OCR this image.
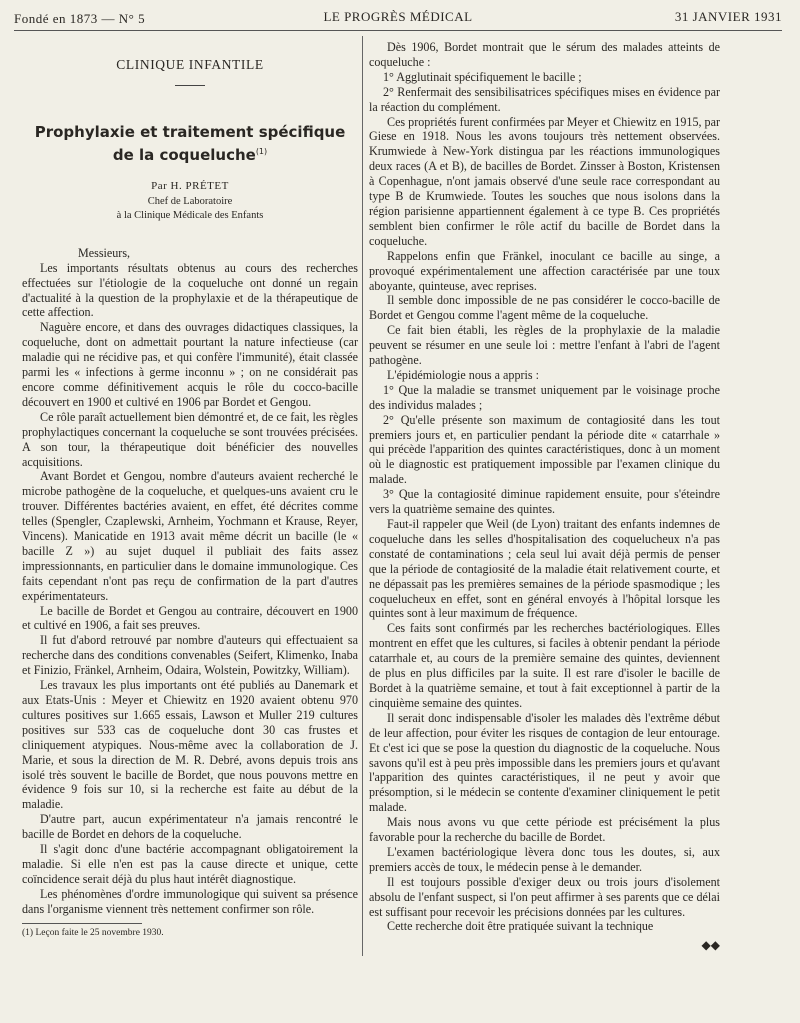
Fondé en 1873 — N° 5	LE PROGRÈS MÉDICAL	31 JANVIER 1931
CLINIQUE INFANTILE
Prophylaxie et traitement spécifique
de la coqueluche$^{(1)}$
Par H. PRÉTET
Chef de Laboratoire
à la Clinique Médicale des Enfants

Messieurs,

Les importants résultats obtenus au cours des recherches effectuées sur l'étiologie de la coqueluche ont donné un regain d'actualité à la question de la prophylaxie et de la thérapeutique de cette affection.

Naguère encore, et dans des ouvrages didactiques classiques, la coqueluche, dont on admettait pourtant la nature infectieuse (car maladie qui ne récidive pas, et qui confère l'immunité), était classée parmi les « infections à germe inconnu » ; on ne considérait pas encore comme définitivement acquis le rôle du cocco-bacille découvert en 1900 et cultivé en 1906 par Bordet et Gengou.

Ce rôle paraît actuellement bien démontré et, de ce fait, les règles prophylactiques concernant la coqueluche se sont trouvées précisées. A son tour, la thérapeutique doit bénéficier des nouvelles acquisitions.

Avant Bordet et Gengou, nombre d'auteurs avaient recherché le microbe pathogène de la coqueluche, et quelques-uns avaient cru le trouver. Différentes bactéries avaient, en effet, été décrites comme telles (Spengler, Czaplewski, Arnheim, Yochmann et Krause, Reyer, Vincens). Manicatide en 1913 avait même décrit un bacille (le « bacille Z ») au sujet duquel il publiait des faits assez impressionnants, en particulier dans le domaine immunologique. Ces faits cependant n'ont pas reçu de confirmation de la part d'autres expérimentateurs.

Le bacille de Bordet et Gengou au contraire, découvert en 1900 et cultivé en 1906, a fait ses preuves.

Il fut d'abord retrouvé par nombre d'auteurs qui effectuaient sa recherche dans des conditions convenables (Seifert, Klimenko, Inaba et Finizio, Fränkel, Arnheim, Odaira, Wolstein, Powitzky, William).

Les travaux les plus importants ont été publiés au Danemark et aux Etats-Unis : Meyer et Chiewitz en 1920 avaient obtenu 970 cultures positives sur 1.665 essais, Lawson et Muller 219 cultures positives sur 533 cas de coqueluche dont 30 cas frustes et cliniquement atypiques. Nous-même avec la collaboration de J. Marie, et sous la direction de M. R. Debré, avons depuis trois ans isolé très souvent le bacille de Bordet, que nous pouvons mettre en évidence 9 fois sur 10, si la recherche est faite au début de la maladie.

D'autre part, aucun expérimentateur n'a jamais rencontré le bacille de Bordet en dehors de la coqueluche.

Il s'agit donc d'une bactérie accompagnant obligatoirement la maladie. Si elle n'en est pas la cause directe et unique, cette coïncidence serait déjà du plus haut intérêt diagnostique.

Les phénomènes d'ordre immunologique qui suivent sa présence dans l'organisme viennent très nettement confirmer son rôle.

(1) Leçon faite le 25 novembre 1930.

Dès 1906, Bordet montrait que le sérum des malades atteints de coqueluche :

1° Agglutinait spécifiquement le bacille ;

2° Renfermait des sensibilisatrices spécifiques mises en évidence par la réaction du complément.

Ces propriétés furent confirmées par Meyer et Chiewitz en 1915, par Giese en 1918. Nous les avons toujours très nettement observées. Krumwiede à New-York distingua par les réactions immunologiques deux races (A et B), de bacilles de Bordet. Zinsser à Boston, Kristensen à Copenhague, n'ont jamais observé d'une seule race correspondant au type B de Krumwiede. Toutes les souches que nous isolons dans la région parisienne appartiennent également à ce type B. Ces propriétés semblent bien confirmer le rôle actif du bacille de Bordet dans la coqueluche.

Rappelons enfin que Fränkel, inoculant ce bacille au singe, a provoqué expérimentalement une affection caractérisée par une toux aboyante, quinteuse, avec reprises.

Il semble donc impossible de ne pas considérer le cocco-bacille de Bordet et Gengou comme l'agent même de la coqueluche.

Ce fait bien établi, les règles de la prophylaxie de la maladie peuvent se résumer en une seule loi : mettre l'enfant à l'abri de l'agent pathogène.

L'épidémiologie nous a appris :

1° Que la maladie se transmet uniquement par le voisinage proche des individus malades ;

2° Qu'elle présente son maximum de contagiosité dans les tout premiers jours et, en particulier pendant la période dite « catarrhale » qui précède l'apparition des quintes caractéristiques, donc à un moment où le diagnostic est pratiquement impossible par l'examen clinique du malade.

3° Que la contagiosité diminue rapidement ensuite, pour s'éteindre vers la quatrième semaine des quintes.

Faut-il rappeler que Weil (de Lyon) traitant des enfants indemnes de coqueluche dans les selles d'hospitalisation des coquelucheux n'a pas constaté de contaminations ; cela seul lui avait déjà permis de penser que la période de contagiosité de la maladie était relativement courte, et ne dépassait pas les premières semaines de la période spasmodique ; les coquelucheux en effet, sont en général envoyés à l'hôpital lorsque les quintes sont à leur maximum de fréquence.

Ces faits sont confirmés par les recherches bactériologiques. Elles montrent en effet que les cultures, si faciles à obtenir pendant la période catarrhale et, au cours de la première semaine des quintes, deviennent de plus en plus difficiles par la suite. Il est rare d'isoler le bacille de Bordet à la quatrième semaine, et tout à fait exceptionnel à partir de la cinquième semaine des quintes.

Il serait donc indispensable d'isoler les malades dès l'extrême début de leur affection, pour éviter les risques de contagion de leur entourage. Et c'est ici que se pose la question du diagnostic de la coqueluche. Nous savons qu'il est à peu près impossible dans les premiers jours et qu'avant l'apparition des quintes caractéristiques, il ne peut y avoir que présomption, si le médecin se contente d'examiner cliniquement le petit malade.

Mais nous avons vu que cette période est précisément la plus favorable pour la recherche du bacille de Bordet.

L'examen bactériologique lèvera donc tous les doutes, si, aux premiers accès de toux, le médecin pense à le demander.

Il est toujours possible d'exiger deux ou trois jours d'isolement absolu de l'enfant suspect, si l'on peut affirmer à ses parents que ce délai est suffisant pour recevoir les précisions données par les cultures.

Cette recherche doit être pratiquée suivant la technique

◆◆
